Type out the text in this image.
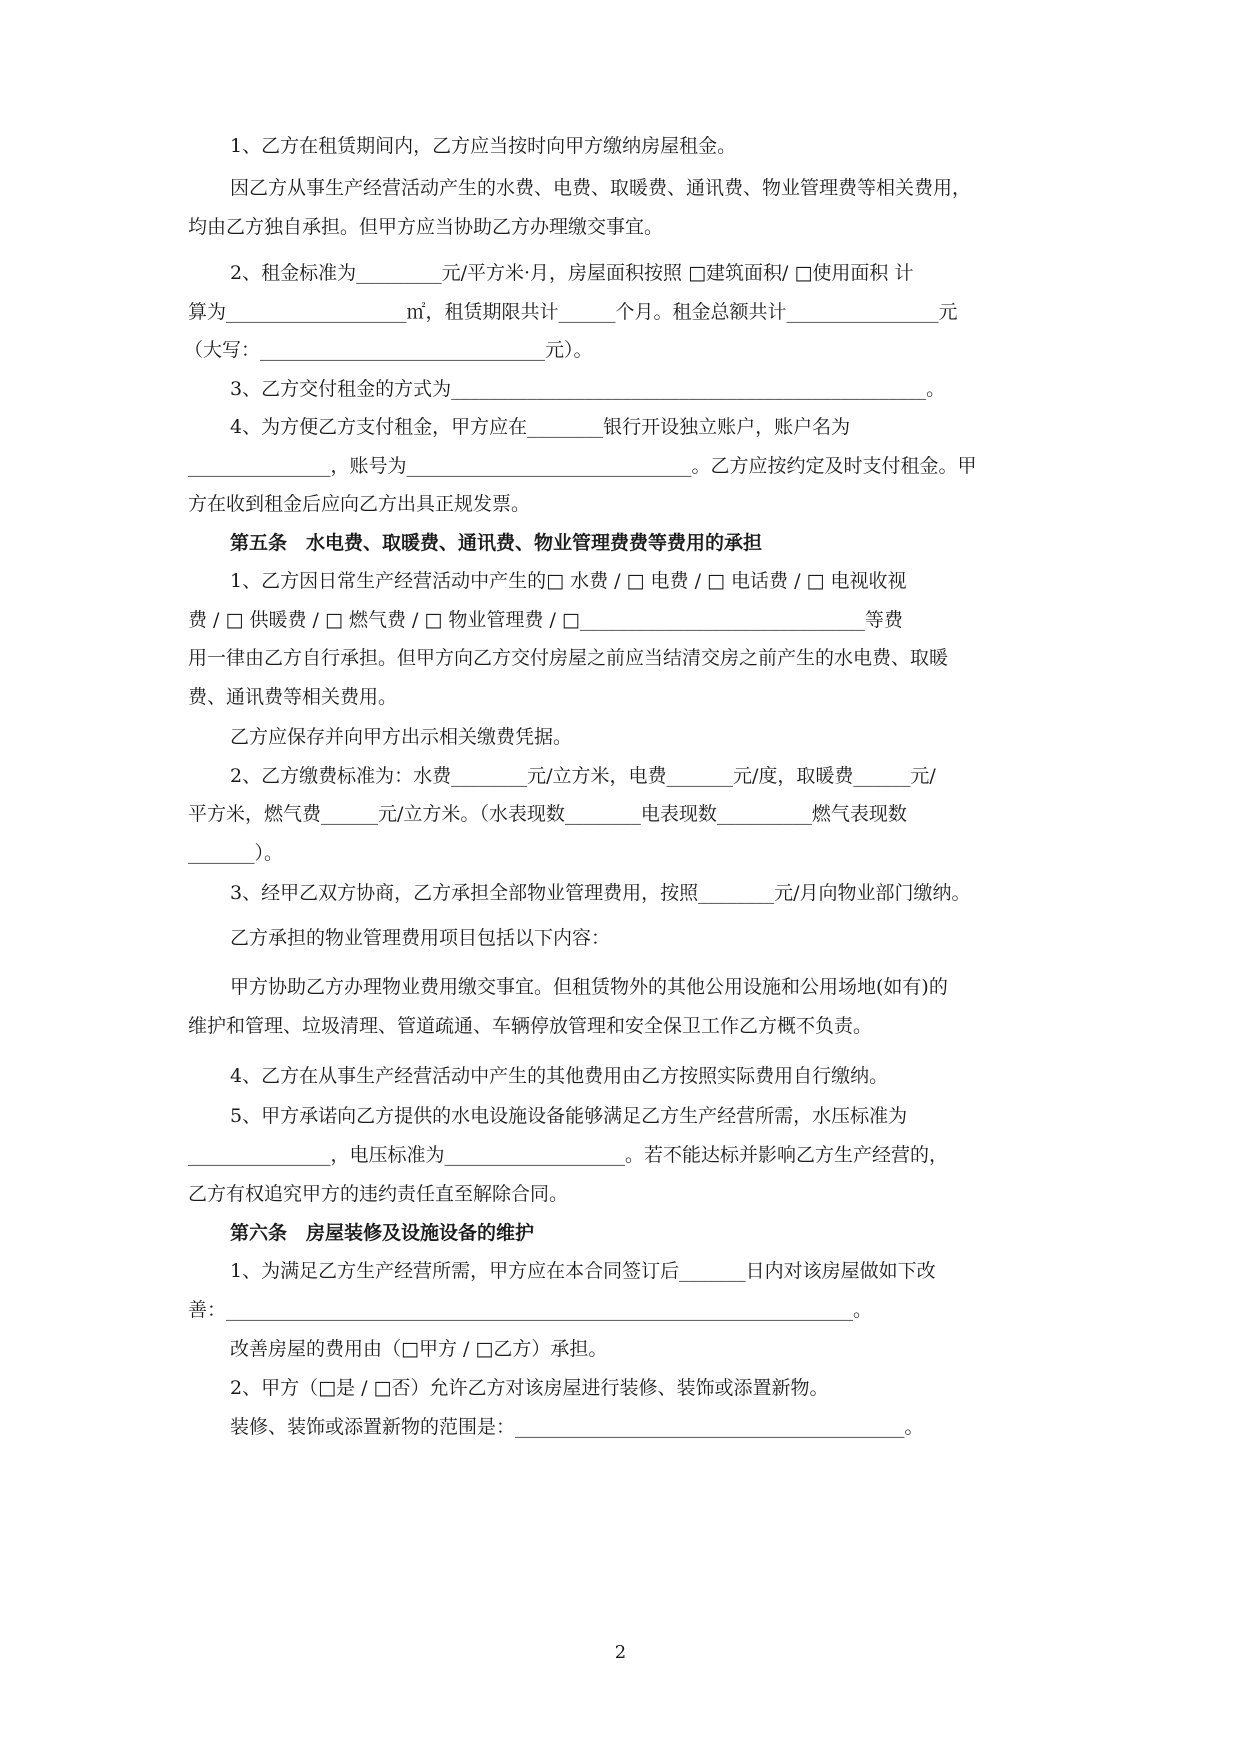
1、乙方在租赁期间内，乙方应当按时向甲方缴纳房屋租金。
因乙方从事生产经营活动产生的水费、电费、取暖费、通讯费、物业管理费等相关费用，
均由乙方独自承担。但甲方应当协助乙方办理缴交事宜。
2、租金标准为_________元/平方米·月，房屋面积按照 □建筑面积/ □使用面积 计
算为___________________㎡，租赁期限共计______个月。租金总额共计________________元
（大写：______________________________元）。
3、乙方交付租金的方式为__________________________________________________。
4、为方便乙方支付租金，甲方应在________银行开设独立账户，账户名为
_______________，账号为______________________________。乙方应按约定及时支付租金。甲
方在收到租金后应向乙方出具正规发票。
第五条　水电费、取暖费、通讯费、物业管理费费等费用的承担
1、乙方因日常生产经营活动中产生的□ 水费 / □ 电费 / □ 电话费 / □ 电视收视
费 / □ 供暖费 / □ 燃气费 / □ 物业管理费 / □______________________________等费
用一律由乙方自行承担。但甲方向乙方交付房屋之前应当结清交房之前产生的水电费、取暖
费、通讯费等相关费用。
乙方应保存并向甲方出示相关缴费凭据。
2、乙方缴费标准为：水费________元/立方米，电费_______元/度，取暖费______元/
平方米，燃气费______元/立方米。（水表现数________电表现数__________燃气表现数
_______）。
3、经甲乙双方协商，乙方承担全部物业管理费用，按照________元/月向物业部门缴纳。
乙方承担的物业管理费用项目包括以下内容：
甲方协助乙方办理物业费用缴交事宜。但租赁物外的其他公用设施和公用场地(如有)的
维护和管理、垃圾清理、管道疏通、车辆停放管理和安全保卫工作乙方概不负责。
4、乙方在从事生产经营活动中产生的其他费用由乙方按照实际费用自行缴纳。
5、甲方承诺向乙方提供的水电设施设备能够满足乙方生产经营所需，水压标准为
_______________，电压标准为___________________。若不能达标并影响乙方生产经营的，
乙方有权追究甲方的违约责任直至解除合同。
第六条　房屋装修及设施设备的维护
1、为满足乙方生产经营所需，甲方应在本合同签订后_______日内对该房屋做如下改
善：__________________________________________________________________。
改善房屋的费用由（□甲方 / □乙方）承担。
2、甲方（□是 / □否）允许乙方对该房屋进行装修、装饰或添置新物。
装修、装饰或添置新物的范围是：_________________________________________。
2
